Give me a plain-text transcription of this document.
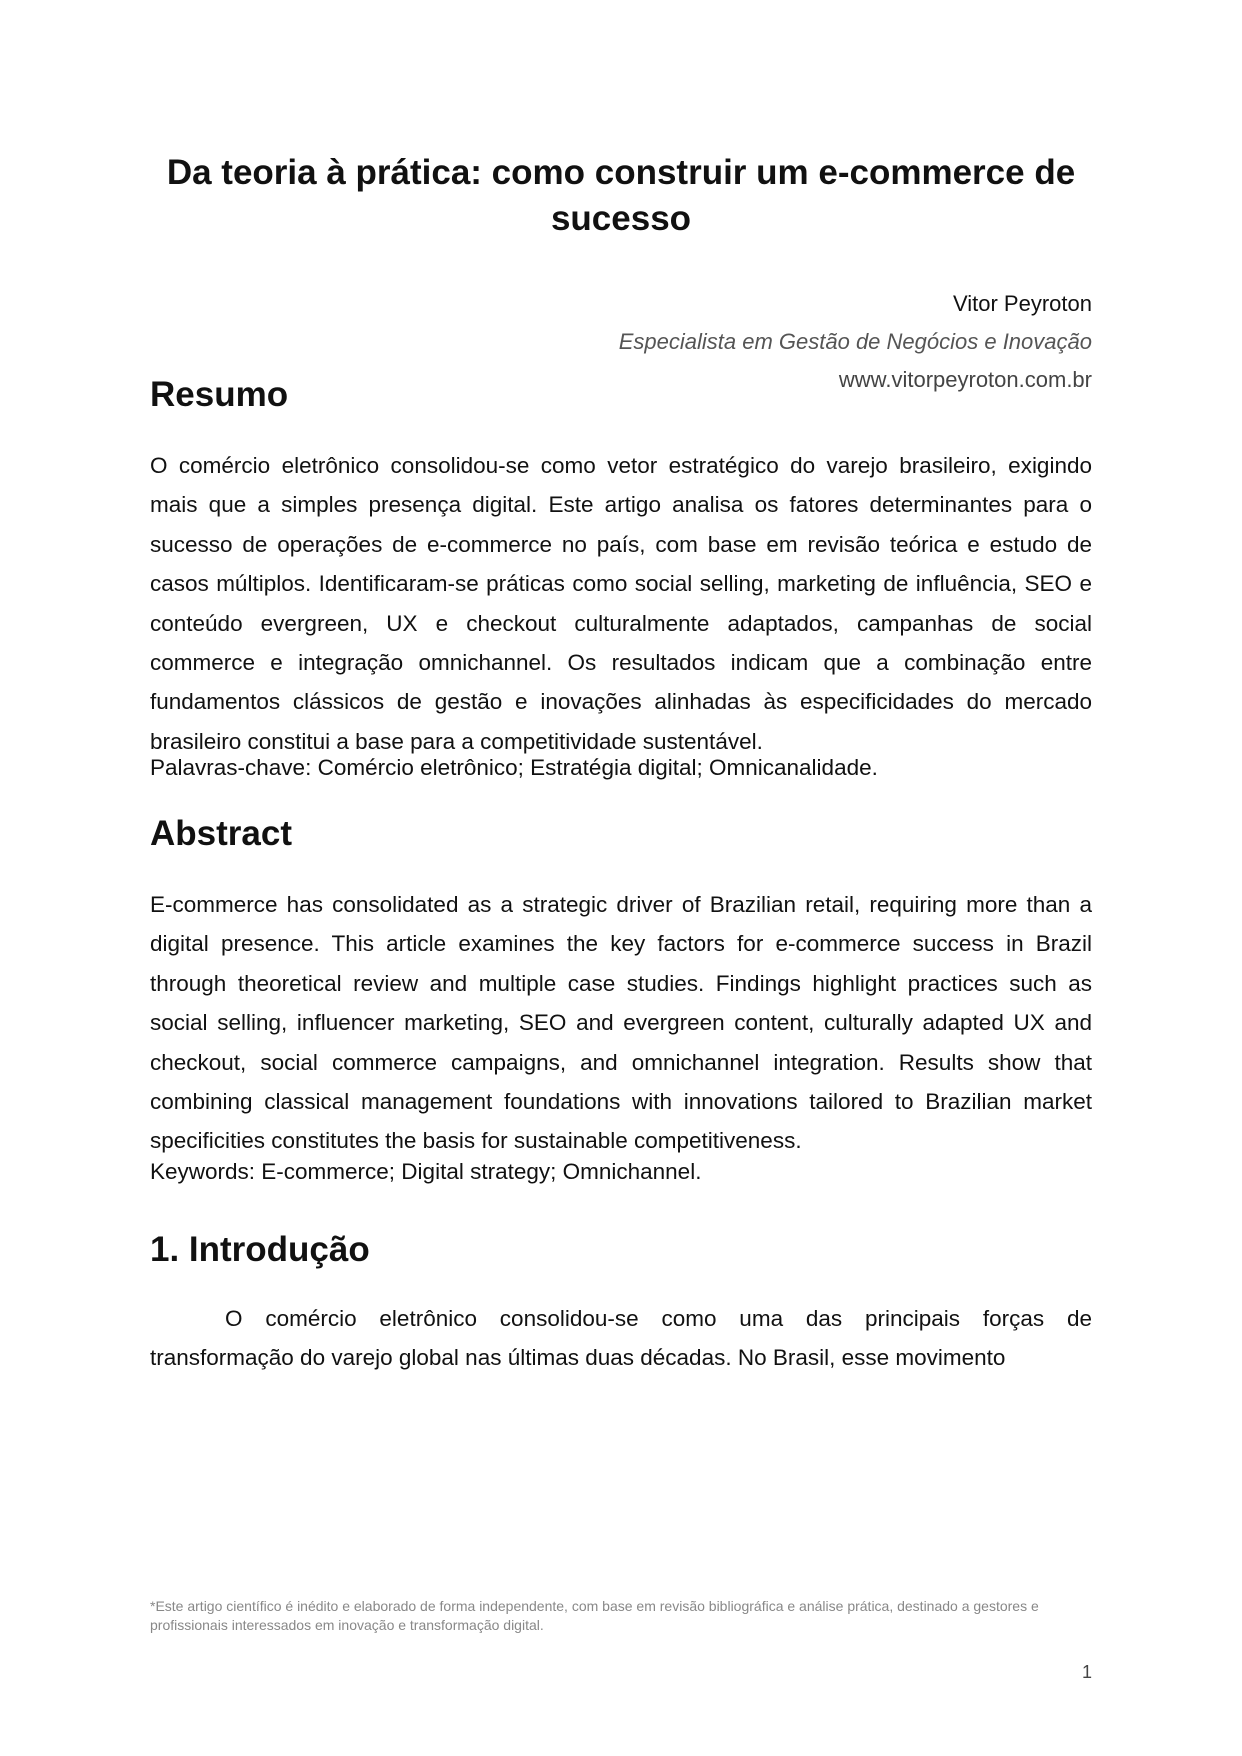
Da teoria à prática: como construir um e-commerce de sucesso
Vitor Peyroton
Especialista em Gestão de Negócios e Inovação
www.vitorpeyroton.com.br
Resumo

O comércio eletrônico consolidou-se como vetor estratégico do varejo brasileiro, exigindo mais que a simples presença digital. Este artigo analisa os fatores determinantes para o sucesso de operações de e-commerce no país, com base em revisão teórica e estudo de casos múltiplos. Identificaram-se práticas como social selling, marketing de influência, SEO e conteúdo evergreen, UX e checkout culturalmente adaptados, campanhas de social commerce e integração omnichannel. Os resultados indicam que a combinação entre fundamentos clássicos de gestão e inovações alinhadas às especificidades do mercado brasileiro constitui a base para a competitividade sustentável.

Palavras-chave: Comércio eletrônico; Estratégia digital; Omnicanalidade.

Abstract

E-commerce has consolidated as a strategic driver of Brazilian retail, requiring more than a digital presence. This article examines the key factors for e-commerce success in Brazil through theoretical review and multiple case studies. Findings highlight practices such as social selling, influencer marketing, SEO and evergreen content, culturally adapted UX and checkout, social commerce campaigns, and omnichannel integration. Results show that combining classical management foundations with innovations tailored to Brazilian market specificities constitutes the basis for sustainable competitiveness.

Keywords: E-commerce; Digital strategy; Omnichannel.

1. Introdução

O comércio eletrônico consolidou-se como uma das principais forças de transformação do varejo global nas últimas duas décadas. No Brasil, esse movimento

*Este artigo científico é inédito e elaborado de forma independente, com base em revisão bibliográfica e análise prática, destinado a gestores e profissionais interessados em inovação e transformação digital.

1
